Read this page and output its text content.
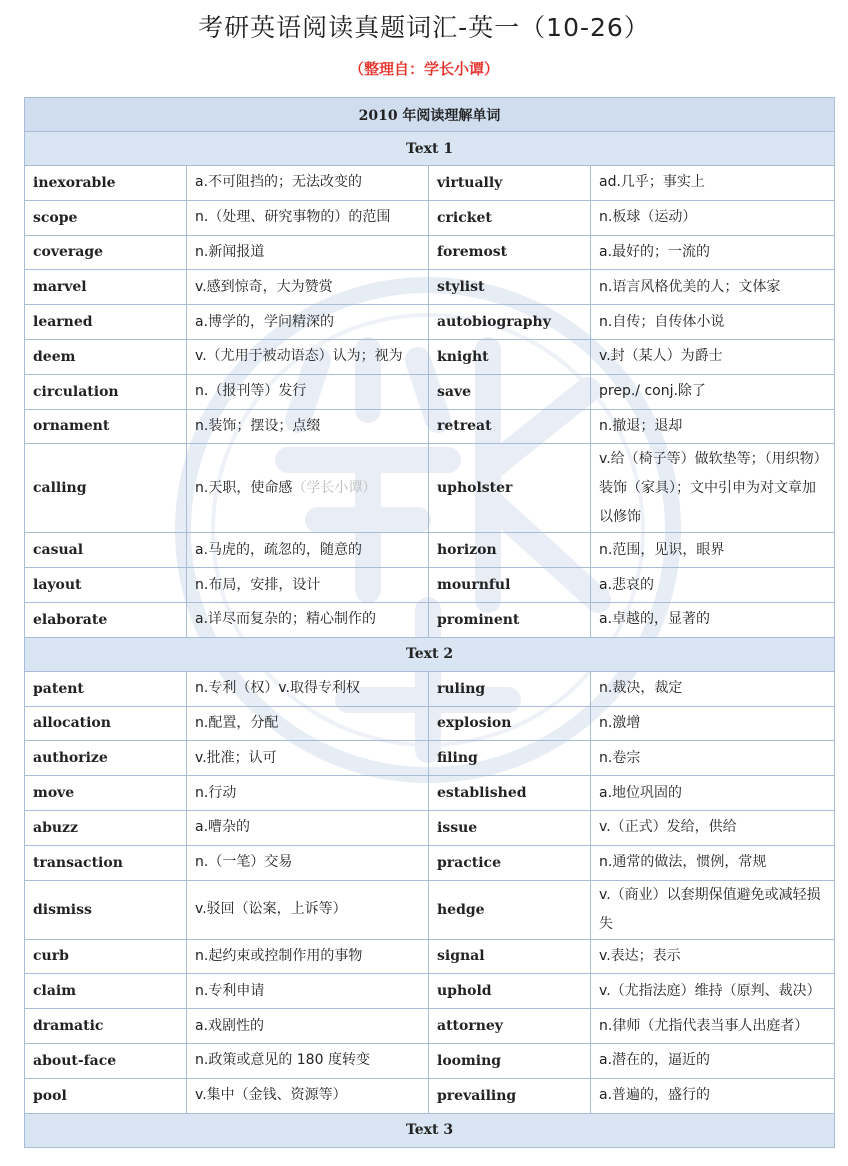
考研英语阅读真题词汇-英一（10-26）
（整理自：学长小谭）
2010 年阅读理解单词			
Text 1			
inexorable	a.不可阻挡的；无法改变的	virtually	ad.几乎；事实上
scope	n.（处理、研究事物的）的范围	cricket	n.板球（运动）
coverage	n.新闻报道	foremost	a.最好的；一流的
marvel	v.感到惊奇，大为赞赏	stylist	n.语言风格优美的人；文体家
learned	a.博学的，学问精深的	autobiography	n.自传；自传体小说
deem	v.（尤用于被动语态）认为；视为	knight	v.封（某人）为爵士
circulation	n.（报刊等）发行	save	prep./ conj.除了
ornament	n.装饰；摆设；点缀	retreat	n.撤退；退却
calling	n.天职，使命感（学长小谭）	upholster	v.给（椅子等）做软垫等；（用织物）装饰（家具）；文中引申为对文章加以修饰
casual	a.马虎的，疏忽的，随意的	horizon	n.范围，见识，眼界
layout	n.布局，安排，设计	mournful	a.悲哀的
elaborate	a.详尽而复杂的；精心制作的	prominent	a.卓越的，显著的
Text 2			
patent	n.专利（权）v.取得专利权	ruling	n.裁决，裁定
allocation	n.配置，分配	explosion	n.激增
authorize	v.批准；认可	filing	n.卷宗
move	n.行动	established	a.地位巩固的
abuzz	a.嘈杂的	issue	v.（正式）发给，供给
transaction	n.（一笔）交易	practice	n.通常的做法，惯例，常规
dismiss	v.驳回（讼案，上诉等）	hedge	v.（商业）以套期保值避免或减轻损失
curb	n.起约束或控制作用的事物	signal	v.表达；表示
claim	n.专利申请	uphold	v.（尤指法庭）维持（原判、裁决）
dramatic	a.戏剧性的	attorney	n.律师（尤指代表当事人出庭者）
about-face	n.政策或意见的 180 度转变	looming	a.潜在的，逼近的
pool	v.集中（金钱、资源等）	prevailing	a.普遍的，盛行的
Text 3			
